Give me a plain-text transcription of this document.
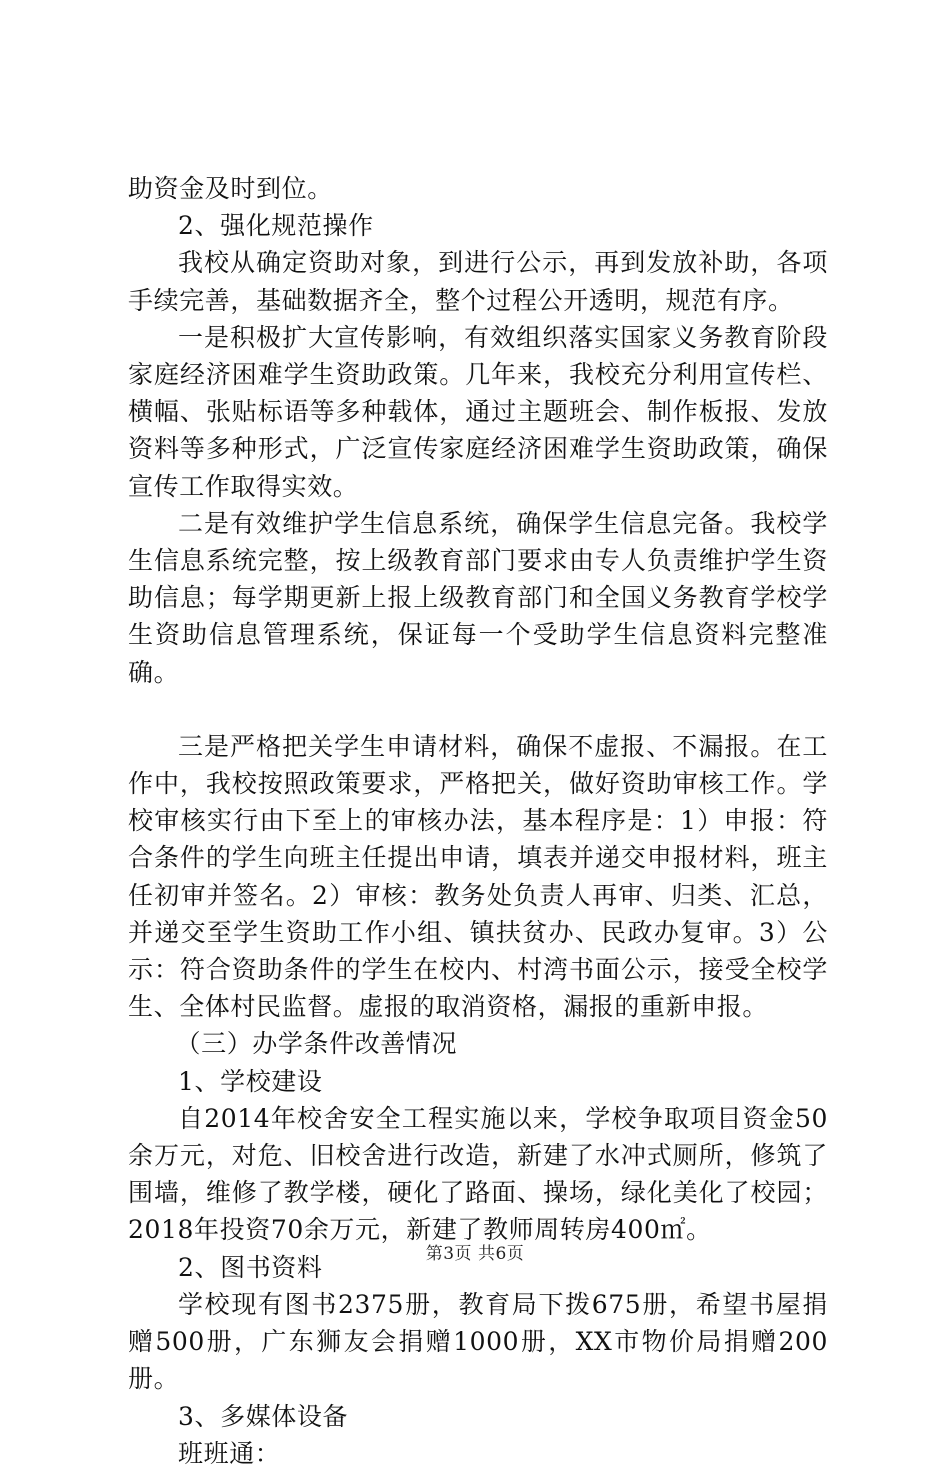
助资金及时到位。

2、强化规范操作

我校从确定资助对象，到进行公示，再到发放补助，各项手续完善，基础数据齐全，整个过程公开透明，规范有序。

一是积极扩大宣传影响，有效组织落实国家义务教育阶段家庭经济困难学生资助政策。几年来，我校充分利用宣传栏、横幅、张贴标语等多种载体，通过主题班会、制作板报、发放资料等多种形式，广泛宣传家庭经济困难学生资助政策，确保宣传工作取得实效。

二是有效维护学生信息系统，确保学生信息完备。我校学生信息系统完整，按上级教育部门要求由专人负责维护学生资助信息；每学期更新上报上级教育部门和全国义务教育学校学生资助信息管理系统，保证每一个受助学生信息资料完整准确。

三是严格把关学生申请材料，确保不虚报、不漏报。在工作中，我校按照政策要求，严格把关，做好资助审核工作。学校审核实行由下至上的审核办法，基本程序是：1）申报：符合条件的学生向班主任提出申请，填表并递交申报材料，班主任初审并签名。2）审核：教务处负责人再审、归类、汇总，并递交至学生资助工作小组、镇扶贫办、民政办复审。3）公示：符合资助条件的学生在校内、村湾书面公示，接受全校学生、全体村民监督。虚报的取消资格，漏报的重新申报。

（三）办学条件改善情况

1、学校建设

自2014年校舍安全工程实施以来，学校争取项目资金50余万元，对危、旧校舍进行改造，新建了水冲式厕所，修筑了围墙，维修了教学楼，硬化了路面、操场，绿化美化了校园；2018年投资70余万元，新建了教师周转房400㎡。

2、图书资料

学校现有图书2375册，教育局下拨675册，希望书屋捐赠500册，广东狮友会捐赠1000册，XX市物价局捐赠200册。

3、多媒体设备

班班通：

第3页 共6页
